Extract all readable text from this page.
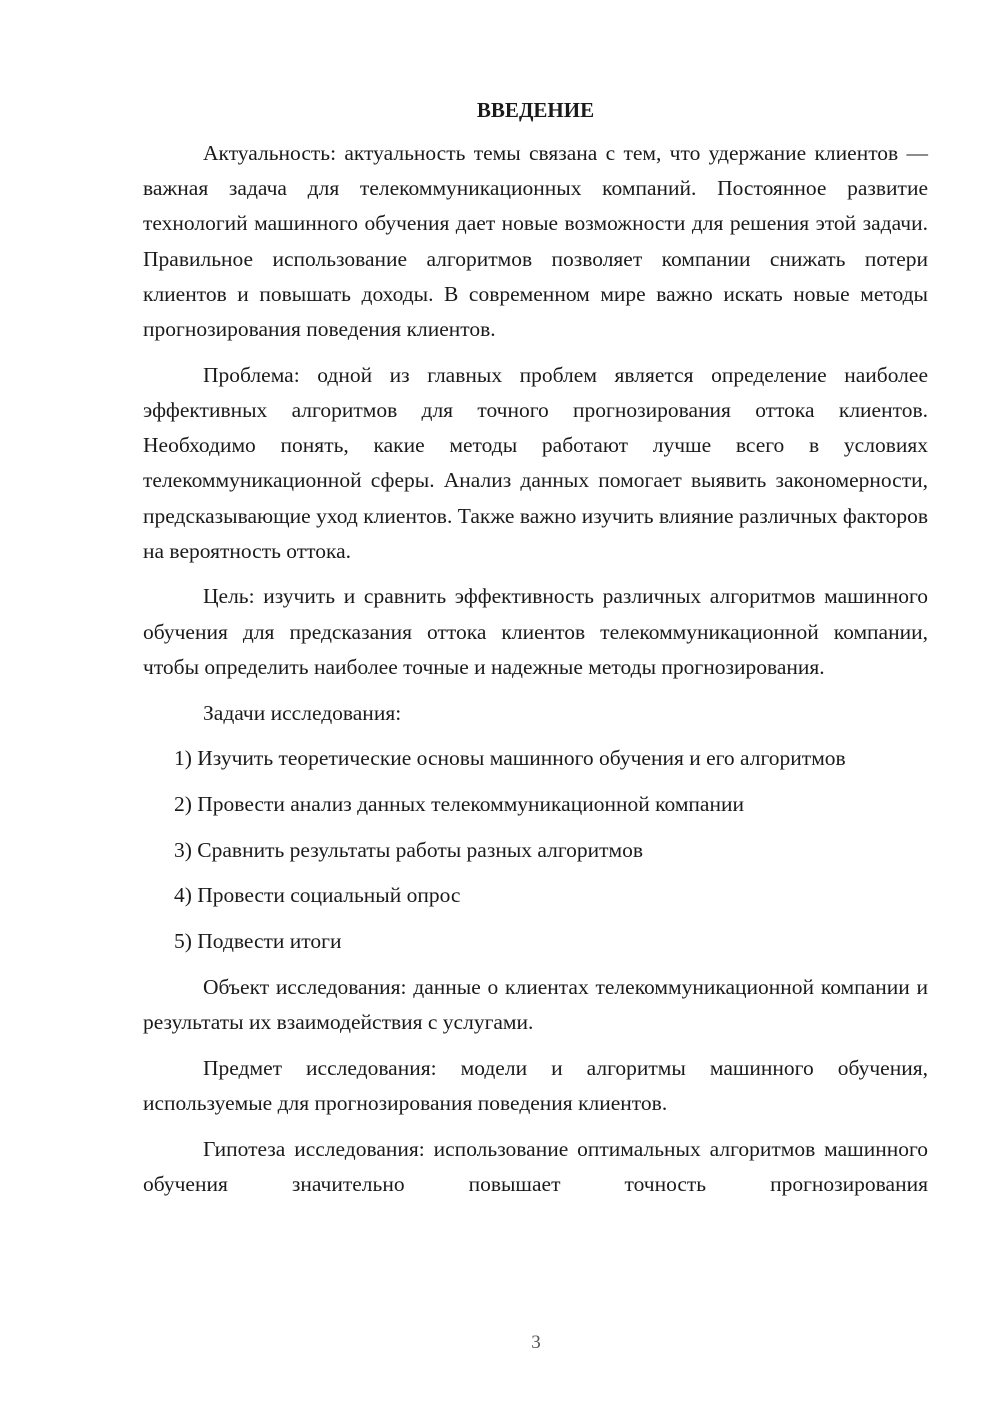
ВВЕДЕНИЕ

Актуальность: актуальность темы связана с тем, что удержание клиентов — важная задача для телекоммуникационных компаний. Постоянное развитие технологий машинного обучения дает новые возможности для решения этой задачи. Правильное использование алгоритмов позволяет компании снижать потери клиентов и повышать доходы. В современном мире важно искать новые методы прогнозирования поведения клиентов.

Проблема: одной из главных проблем является определение наиболее эффективных алгоритмов для точного прогнозирования оттока клиентов. Необходимо понять, какие методы работают лучше всего в условиях телекоммуникационной сферы. Анализ данных помогает выявить закономерности, предсказывающие уход клиентов. Также важно изучить влияние различных факторов на вероятность оттока.

Цель: изучить и сравнить эффективность различных алгоритмов машинного обучения для предсказания оттока клиентов телекоммуникационной компании, чтобы определить наиболее точные и надежные методы прогнозирования.

Задачи исследования:

1) Изучить теоретические основы машинного обучения и его алгоритмов

2) Провести анализ данных телекоммуникационной компании

3) Сравнить результаты работы разных алгоритмов

4) Провести социальный опрос

5) Подвести итоги

Объект исследования: данные о клиентах телекоммуникационной компании и результаты их взаимодействия с услугами.

Предмет исследования: модели и алгоритмы машинного обучения, используемые для прогнозирования поведения клиентов.

Гипотеза исследования: использование оптимальных алгоритмов машинного обучения значительно повышает точность прогнозирования

3
